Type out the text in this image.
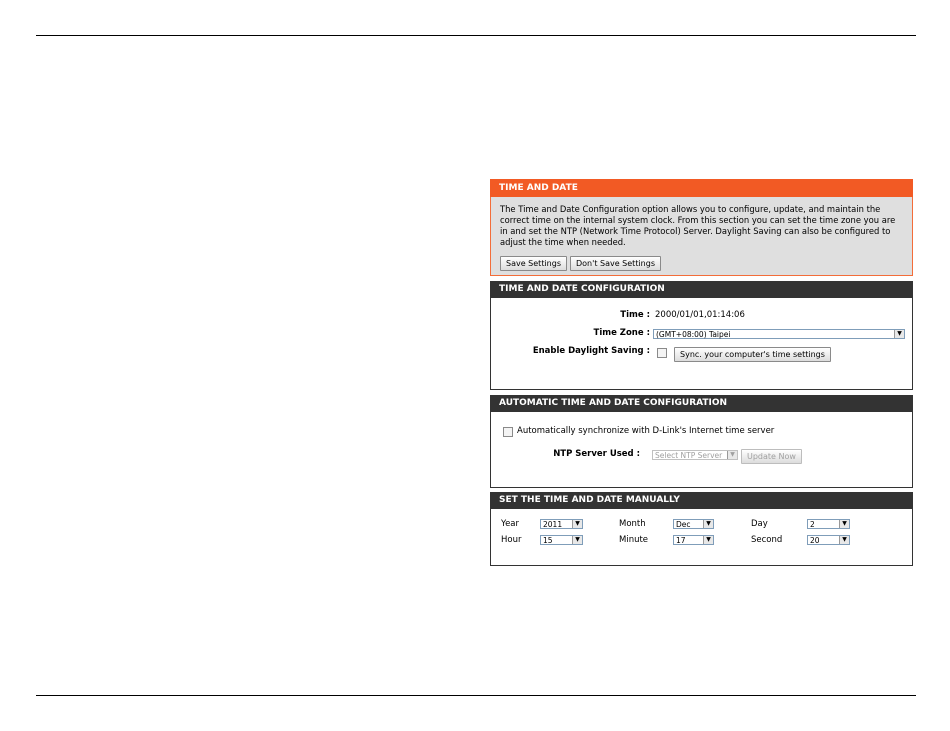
TIME AND DATE
The Time and Date Configuration option allows you to configure, update, and maintain the correct time on the internal system clock. From this section you can set the time zone you are in and set the NTP (Network Time Protocol) Server. Daylight Saving can also be configured to adjust the time when needed.
Save Settings Don't Save Settings
TIME AND DATE CONFIGURATION
Time : 2000/01/01,01:14:06
Time Zone : (GMT+08:00) Taipei	▼
Enable Daylight Saving :	Sync. your computer's time settings
AUTOMATIC TIME AND DATE CONFIGURATION
Automatically synchronize with D-Link's Internet time server
NTP Server Used :	Select NTP Server	▼	Update Now
SET THE TIME AND DATE MANUALLY
Year	2011	▼	Month	Dec	▼	Day	2	▼
Hour	15	▼	Minute	17	▼	Second	20	▼
